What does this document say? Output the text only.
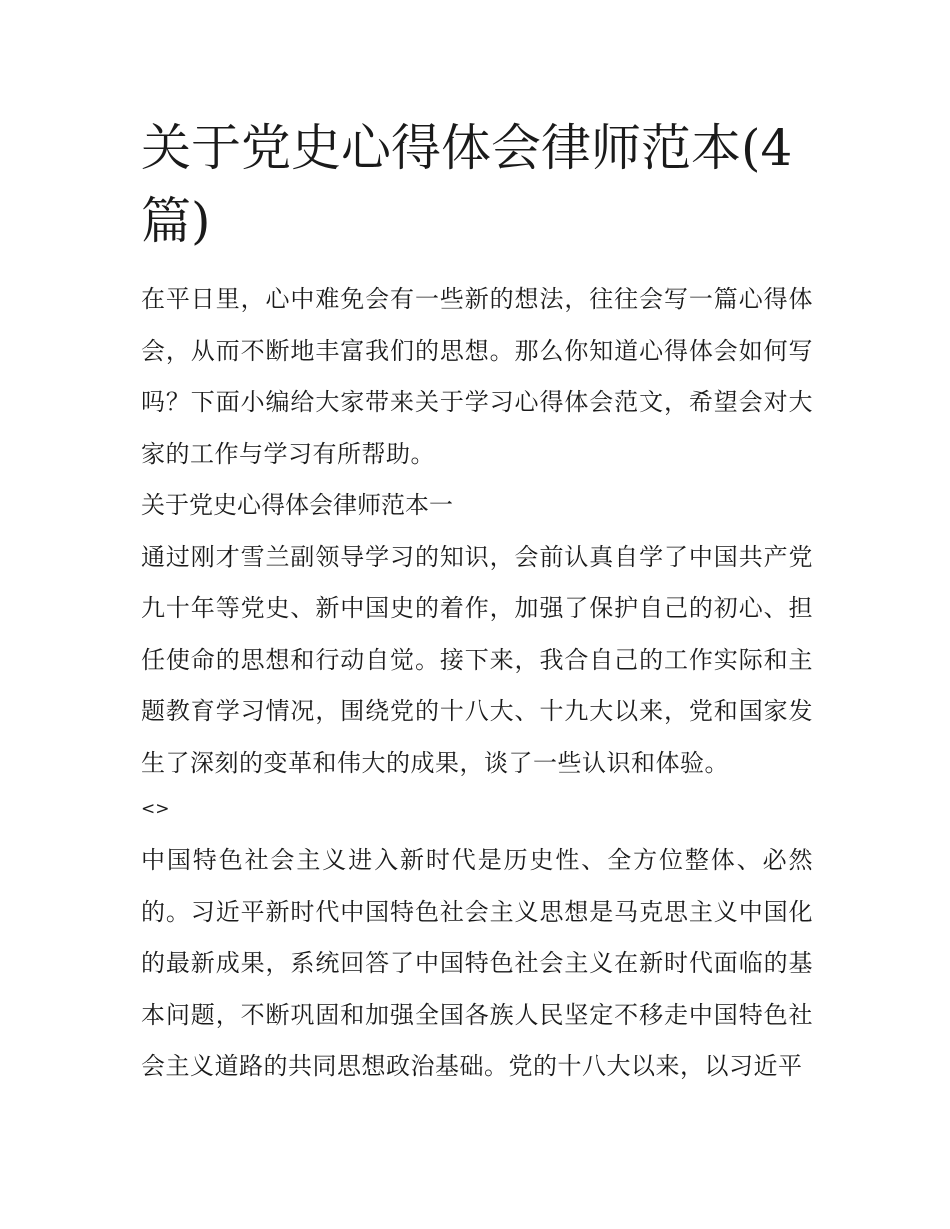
关于党史心得体会律师范本(4篇)

在平日里，心中难免会有一些新的想法，往往会写一篇心得体会，从而不断地丰富我们的思想。那么你知道心得体会如何写吗？下面小编给大家带来关于学习心得体会范文，希望会对大家的工作与学习有所帮助。

关于党史心得体会律师范本一

通过刚才雪兰副领导学习的知识，会前认真自学了中国共产党九十年等党史、新中国史的着作，加强了保护自己的初心、担任使命的思想和行动自觉。接下来，我合自己的工作实际和主题教育学习情况，围绕党的十八大、十九大以来，党和国家发生了深刻的变革和伟大的成果，谈了一些认识和体验。

<>

中国特色社会主义进入新时代是历史性、全方位整体、必然的。习近平新时代中国特色社会主义思想是马克思主义中国化的最新成果，系统回答了中国特色社会主义在新时代面临的基本问题，不断巩固和加强全国各族人民坚定不移走中国特色社会主义道路的共同思想政治基础。党的十八大以来，以习近平
